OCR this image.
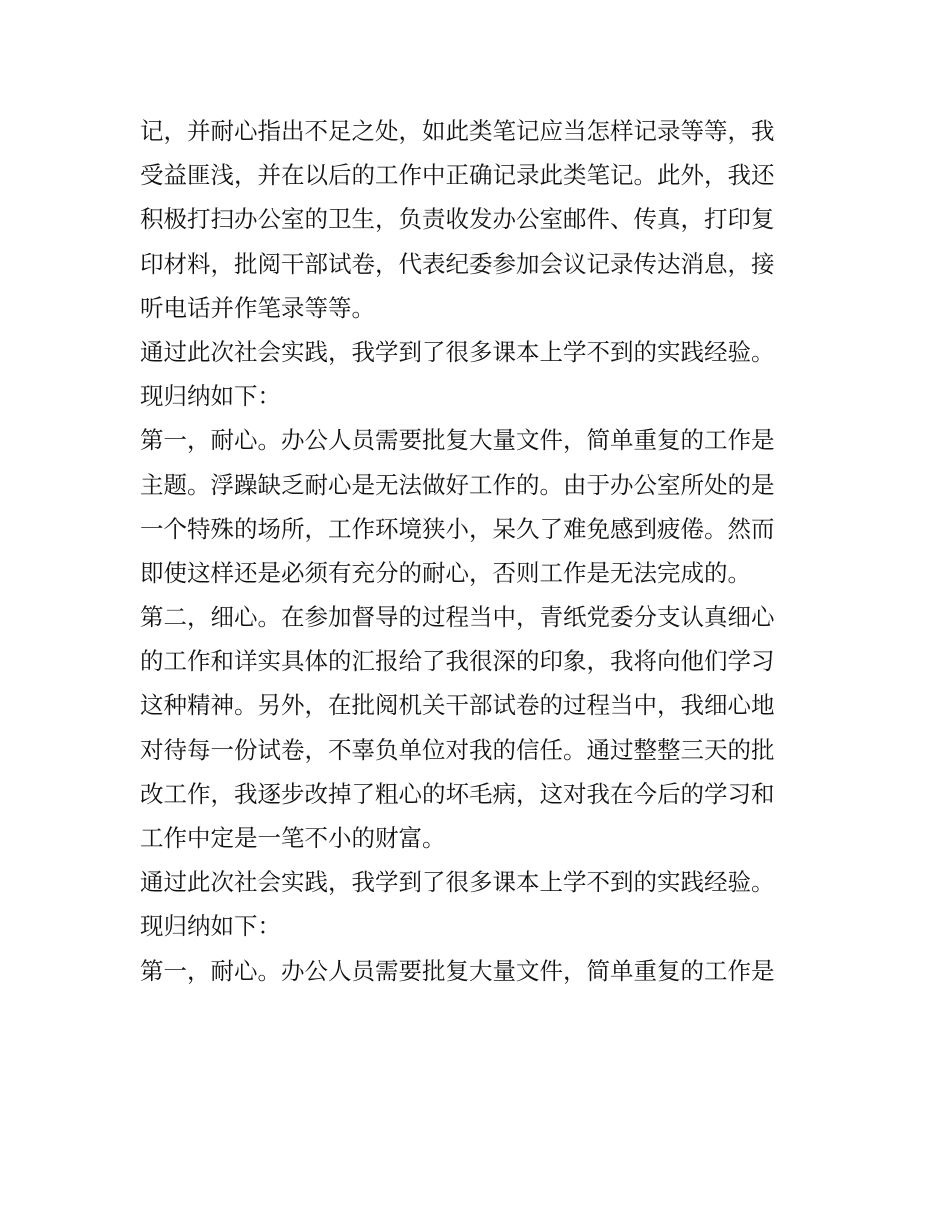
记，并耐心指出不足之处，如此类笔记应当怎样记录等等，我
受益匪浅，并在以后的工作中正确记录此类笔记。此外，我还
积极打扫办公室的卫生，负责收发办公室邮件、传真，打印复
印材料，批阅干部试卷，代表纪委参加会议记录传达消息，接
听电话并作笔录等等。
通过此次社会实践，我学到了很多课本上学不到的实践经验。
现归纳如下：
第一，耐心。办公人员需要批复大量文件，简单重复的工作是
主题。浮躁缺乏耐心是无法做好工作的。由于办公室所处的是
一个特殊的场所，工作环境狭小，呆久了难免感到疲倦。然而
即使这样还是必须有充分的耐心，否则工作是无法完成的。
第二，细心。在参加督导的过程当中，青纸党委分支认真细心
的工作和详实具体的汇报给了我很深的印象，我将向他们学习
这种精神。另外，在批阅机关干部试卷的过程当中，我细心地
对待每一份试卷，不辜负单位对我的信任。通过整整三天的批
改工作，我逐步改掉了粗心的坏毛病，这对我在今后的学习和
工作中定是一笔不小的财富。
通过此次社会实践，我学到了很多课本上学不到的实践经验。
现归纳如下：
第一，耐心。办公人员需要批复大量文件，简单重复的工作是
